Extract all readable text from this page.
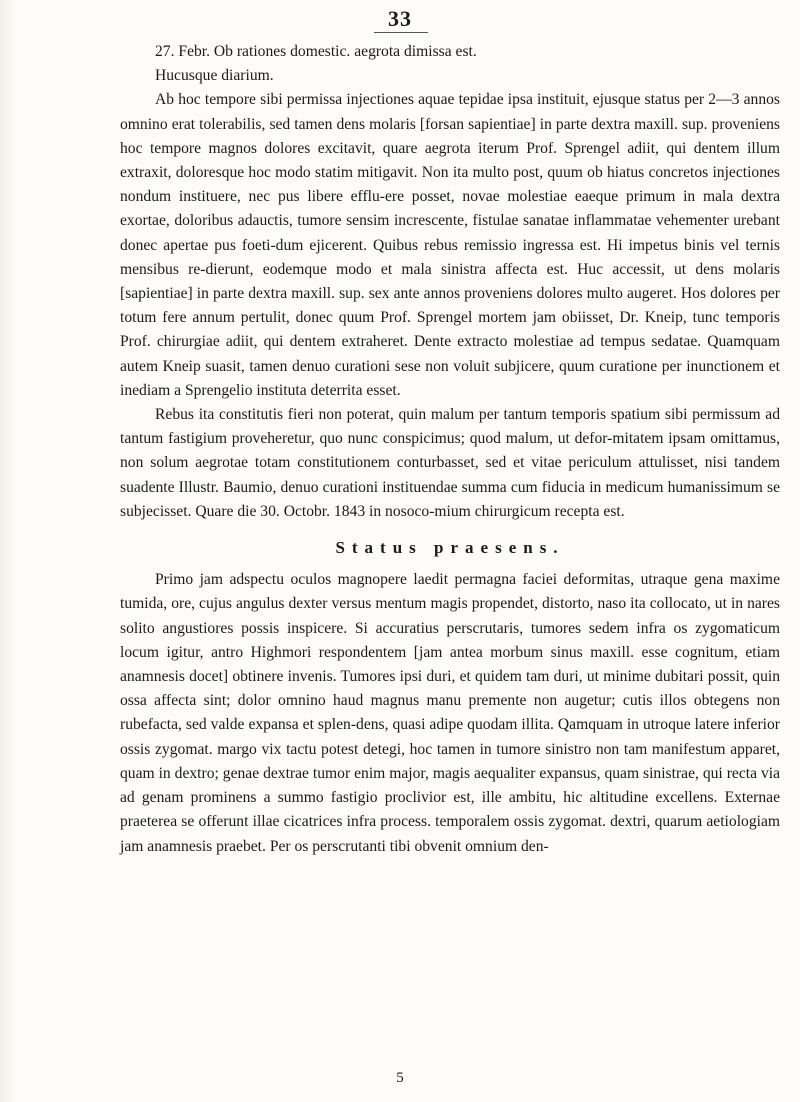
33

27. Febr. Ob rationes domestic. aegrota dimissa est.

Hucusque diarium.

Ab hoc tempore sibi permissa injectiones aquae tepidae ipsa instituit, ejusque status per 2—3 annos omnino erat tolerabilis, sed tamen dens molaris [forsan sapientiae] in parte dextra maxill. sup. proveniens hoc tempore magnos dolores excitavit, quare aegrota iterum Prof. Sprengel adiit, qui dentem illum extraxit, doloresque hoc modo statim mitigavit. Non ita multo post, quum ob hiatus concretos injectiones nondum instituere, nec pus libere efflu-ere posset, novae molestiae eaeque primum in mala dextra exortae, doloribus adauctis, tumore sensim increscente, fistulae sanatae inflammatae vehementer urebant donec apertae pus foeti-dum ejicerent. Quibus rebus remissio ingressa est. Hi impetus binis vel ternis mensibus re-dierunt, eodemque modo et mala sinistra affecta est. Huc accessit, ut dens molaris [sapientiae] in parte dextra maxill. sup. sex ante annos proveniens dolores multo augeret. Hos dolores per totum fere annum pertulit, donec quum Prof. Sprengel mortem jam obiisset, Dr. Kneip, tunc temporis Prof. chirurgiae adiit, qui dentem extraheret. Dente extracto molestiae ad tempus sedatae. Quamquam autem Kneip suasit, tamen denuo curationi sese non voluit subjicere, quum curatione per inunctionem et inediam a Sprengelio instituta deterrita esset.

Rebus ita constitutis fieri non poterat, quin malum per tantum temporis spatium sibi permissum ad tantum fastigium proveheretur, quo nunc conspicimus; quod malum, ut defor-mitatem ipsam omittamus, non solum aegrotae totam constitutionem conturbasset, sed et vitae periculum attulisset, nisi tandem suadente Illustr. Baumio, denuo curationi instituendae summa cum fiducia in medicum humanissimum se subjecisset. Quare die 30. Octobr. 1843 in nosoco-mium chirurgicum recepta est.

Status praesens.

Primo jam adspectu oculos magnopere laedit permagna faciei deformitas, utraque gena maxime tumida, ore, cujus angulus dexter versus mentum magis propendet, distorto, naso ita collocato, ut in nares solito angustiores possis inspicere. Si accuratius perscrutaris, tumores sedem infra os zygomaticum locum igitur, antro Highmori respondentem [jam antea morbum sinus maxill. esse cognitum, etiam anamnesis docet] obtinere invenis. Tumores ipsi duri, et quidem tam duri, ut minime dubitari possit, quin ossa affecta sint; dolor omnino haud magnus manu premente non augetur; cutis illos obtegens non rubefacta, sed valde expansa et splen-dens, quasi adipe quodam illita. Qamquam in utroque latere inferior ossis zygomat. margo vix tactu potest detegi, hoc tamen in tumore sinistro non tam manifestum apparet, quam in dextro; genae dextrae tumor enim major, magis aequaliter expansus, quam sinistrae, qui recta via ad genam prominens a summo fastigio proclivior est, ille ambitu, hic altitudine excellens. Externae praeterea se offerunt illae cicatrices infra process. temporalem ossis zygomat. dextri, quarum aetiologiam jam anamnesis praebet. Per os perscrutanti tibi obvenit omnium den-

5
